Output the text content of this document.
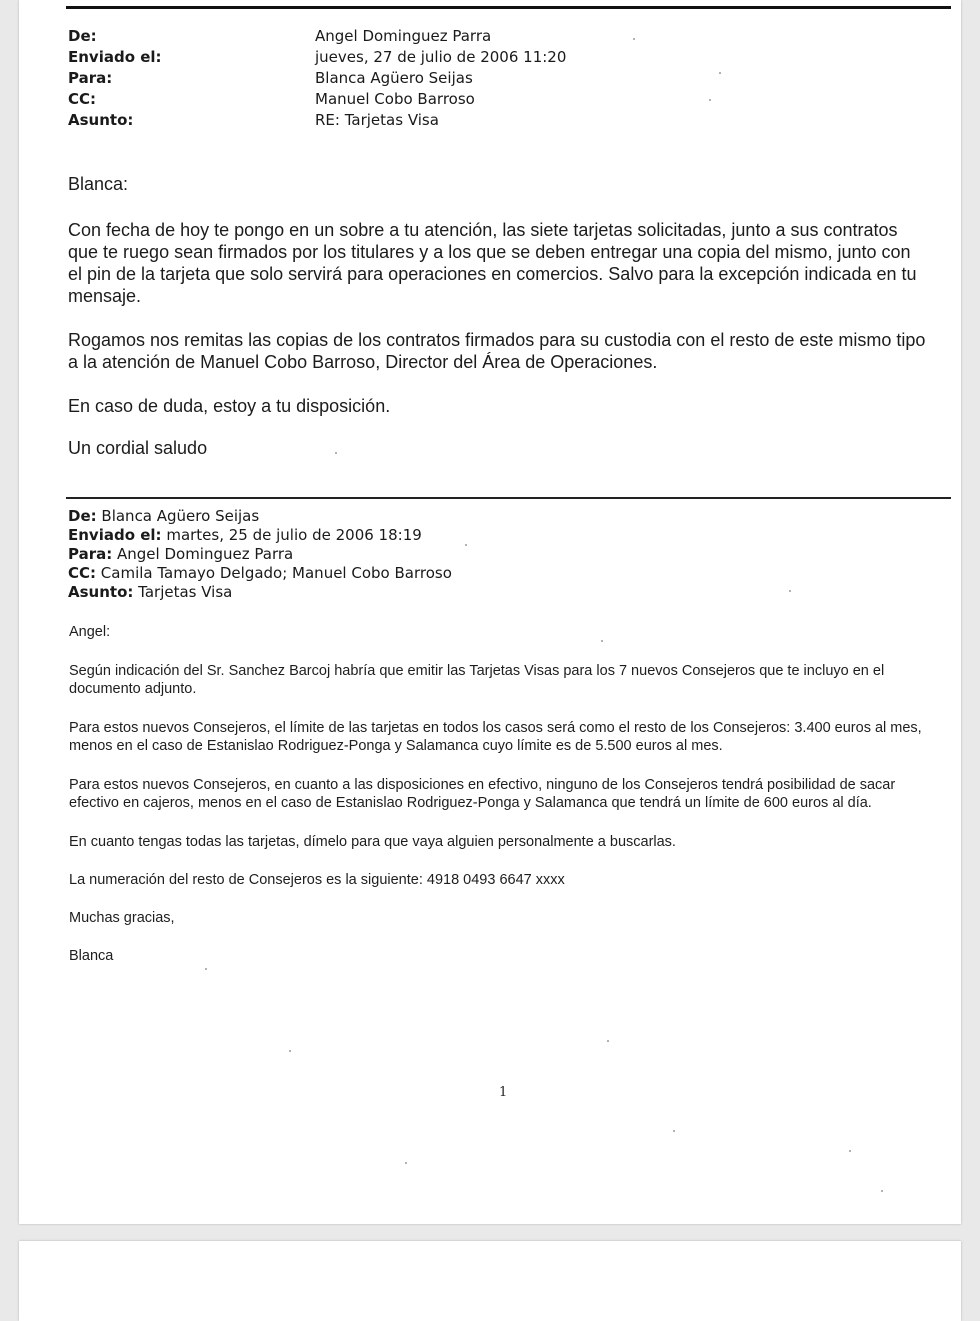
De:	Angel Dominguez Parra
Enviado el:	jueves, 27 de julio de 2006 11:20
Para:	Blanca Agüero Seijas
CC:	Manuel Cobo Barroso
Asunto:	RE: Tarjetas Visa

Blanca:

Con fecha de hoy te pongo en un sobre a tu atención, las siete tarjetas solicitadas, junto a sus contratos que te ruego sean firmados por los titulares y a los que se deben entregar una copia del mismo, junto con el pin de la tarjeta que solo servirá para operaciones en comercios. Salvo para la excepción indicada en tu mensaje.

Rogamos nos remitas las copias de los contratos firmados para su custodia con el resto de este mismo tipo a la atención de Manuel Cobo Barroso, Director del Área de Operaciones.

En caso de duda, estoy a tu disposición.

Un cordial saludo

De: Blanca Agüero Seijas
Enviado el: martes, 25 de julio de 2006 18:19
Para: Angel Dominguez Parra
CC: Camila Tamayo Delgado; Manuel Cobo Barroso
Asunto: Tarjetas Visa

Angel:

Según indicación del Sr. Sanchez Barcoj habría que emitir las Tarjetas Visas para los 7 nuevos Consejeros que te incluyo en el documento adjunto.

Para estos nuevos Consejeros, el límite de las tarjetas en todos los casos será como el resto de los Consejeros: 3.400 euros al mes, menos en el caso de Estanislao Rodriguez-Ponga y Salamanca cuyo límite es de 5.500 euros al mes.

Para estos nuevos Consejeros, en cuanto a las disposiciones en efectivo, ninguno de los Consejeros tendrá posibilidad de sacar efectivo en cajeros, menos en el caso de Estanislao Rodriguez-Ponga y Salamanca que tendrá un límite de 600 euros al día.

En cuanto tengas todas las tarjetas, dímelo para que vaya alguien personalmente a buscarlas.

La numeración del resto de Consejeros es la siguiente: 4918 0493 6647 xxxx

Muchas gracias,

Blanca

1
